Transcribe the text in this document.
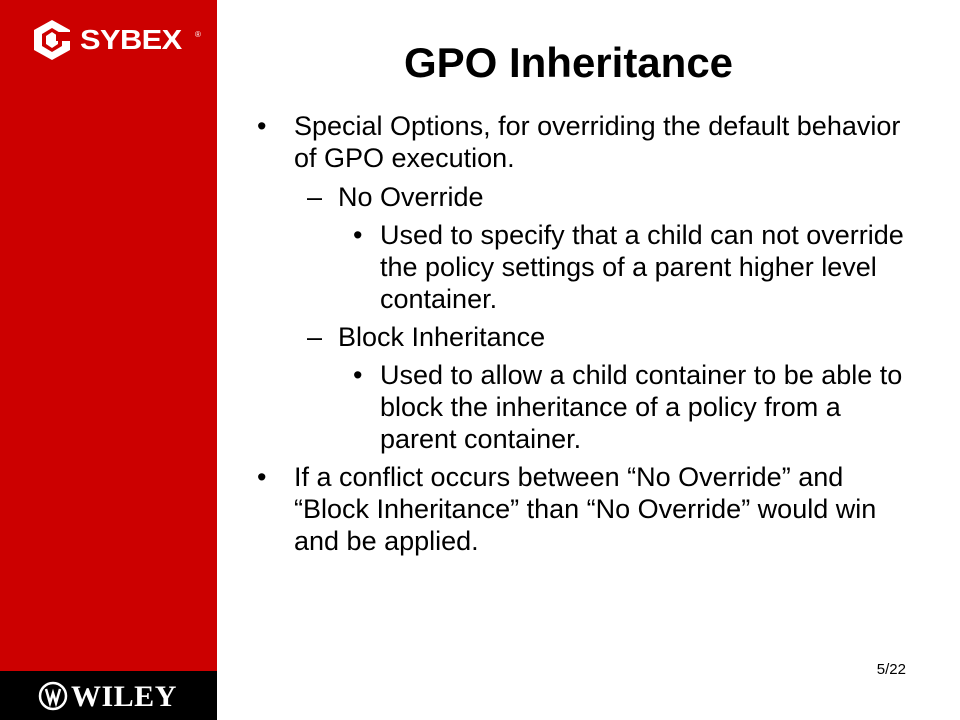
SYBEX ®
WILEY
GPO Inheritance
• Special Options, for overriding the default behavior of GPO execution.
– No Override
• Used to specify that a child can not override the policy settings of a parent higher level container.
– Block Inheritance
• Used to allow a child container to be able to block the inheritance of a policy from a parent container.
• If a conflict occurs between “No Override” and “Block Inheritance” than “No Override” would win and be applied.
5/22
